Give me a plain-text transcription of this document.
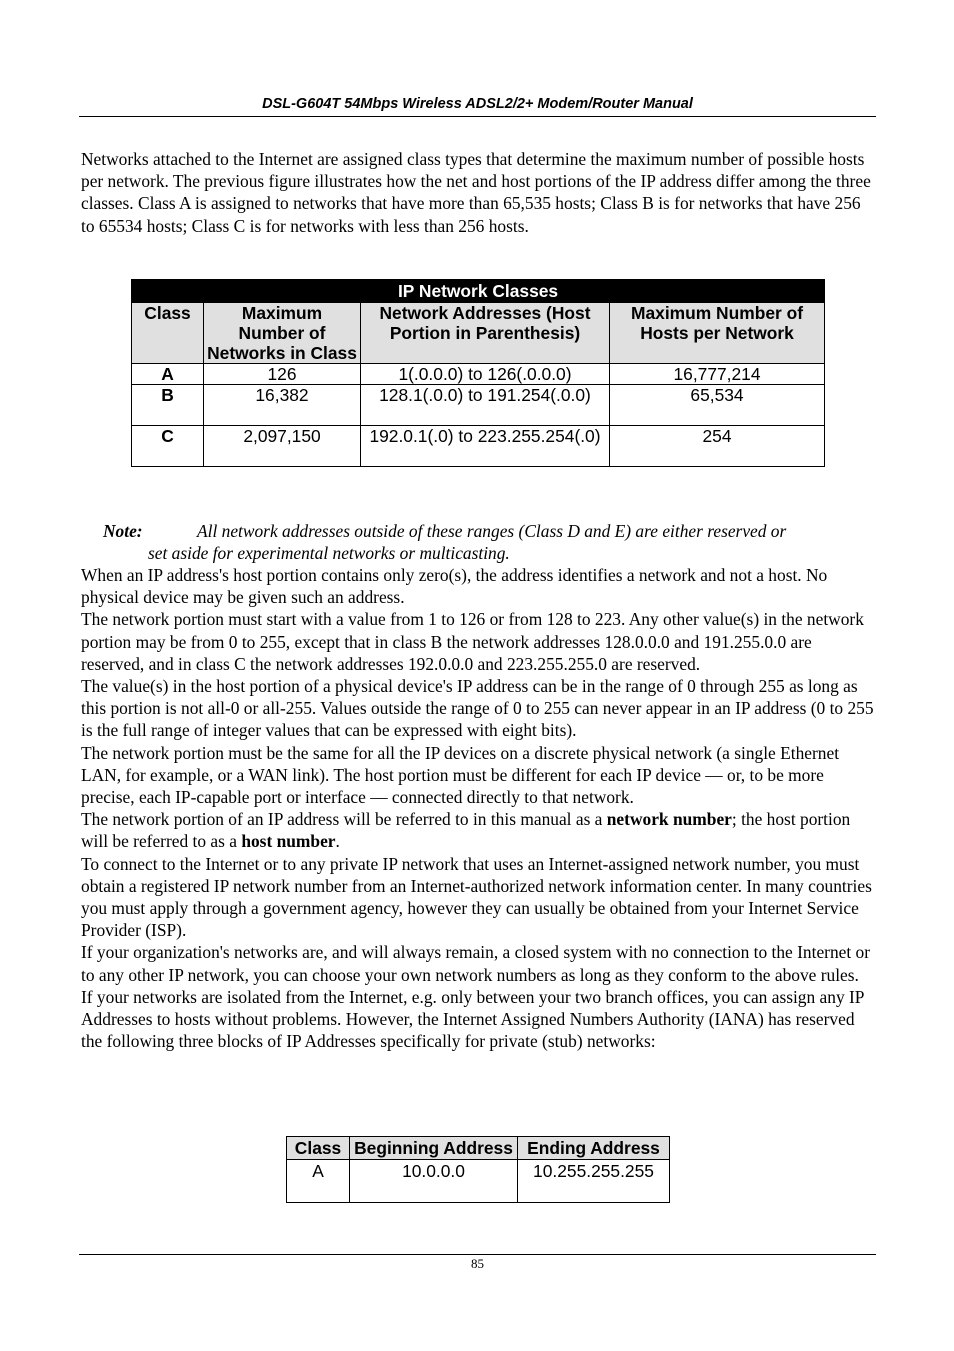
DSL-G604T 54Mbps Wireless ADSL2/2+ Modem/Router Manual

Networks attached to the Internet are assigned class types that determine the maximum number of possible hosts per network. The previous figure illustrates how the net and host portions of the IP address differ among the three classes. Class A is assigned to networks that have more than 65,535 hosts; Class B is for networks that have 256 to 65534 hosts; Class C is for networks with less than 256 hosts.

IP Network Classes			
Class	Maximum Number of Networks in Class	Network Addresses (Host Portion in Parenthesis)	Maximum Number of Hosts per Network
A	126	1(.0.0.0) to 126(.0.0.0)	16,777,214
B	16,382	128.1(.0.0) to 191.254(.0.0)	65,534
C	2,097,150	192.0.1(.0) to 223.255.254(.0)	254
Note:	All network addresses outside of these ranges (Class D and E) are either reserved or
set aside for experimental networks or multicasting.

When an IP address's host portion contains only zero(s), the address identifies a network and not a host. No physical device may be given such an address.

The network portion must start with a value from 1 to 126 or from 128 to 223. Any other value(s) in the network portion may be from 0 to 255, except that in class B the network addresses 128.0.0.0 and 191.255.0.0 are reserved, and in class C the network addresses 192.0.0.0 and 223.255.255.0 are reserved.

The value(s) in the host portion of a physical device's IP address can be in the range of 0 through 255 as long as this portion is not all-0 or all-255. Values outside the range of 0 to 255 can never appear in an IP address (0 to 255 is the full range of integer values that can be expressed with eight bits).

The network portion must be the same for all the IP devices on a discrete physical network (a single Ethernet LAN, for example, or a WAN link). The host portion must be different for each IP device — or, to be more precise, each IP-capable port or interface — connected directly to that network.

The network portion of an IP address will be referred to in this manual as a network number; the host portion will be referred to as a host number.

To connect to the Internet or to any private IP network that uses an Internet-assigned network number, you must obtain a registered IP network number from an Internet-authorized network information center. In many countries you must apply through a government agency, however they can usually be obtained from your Internet Service Provider (ISP).

If your organization's networks are, and will always remain, a closed system with no connection to the Internet or to any other IP network, you can choose your own network numbers as long as they conform to the above rules.

If your networks are isolated from the Internet, e.g. only between your two branch offices, you can assign any IP Addresses to hosts without problems. However, the Internet Assigned Numbers Authority (IANA) has reserved the following three blocks of IP Addresses specifically for private (stub) networks:

Class	Beginning Address	Ending Address
A	10.0.0.0	10.255.255.255
85
